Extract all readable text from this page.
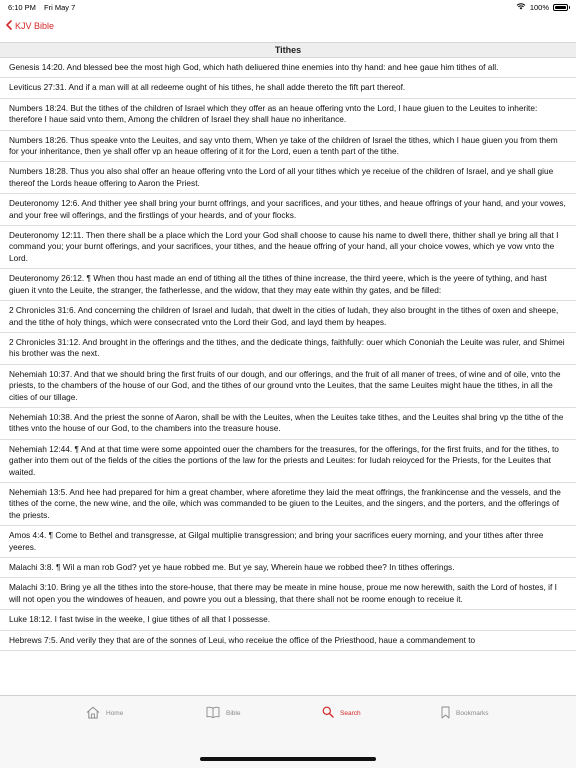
6:10 PM Fri May 7	100%
KJV Bible
Tithes
Genesis 14:20. And blessed bee the most high God, which hath deliuered thine enemies into thy hand: and hee gaue him tithes of all.
Leviticus 27:31. And if a man will at all redeeme ought of his tithes, he shall adde thereto the fift part thereof.
Numbers 18:24. But the tithes of the children of Israel which they offer as an heaue offering vnto the Lord, I haue giuen to the Leuites to inherite: therefore I haue said vnto them, Among the children of Israel they shall haue no inheritance.
Numbers 18:26. Thus speake vnto the Leuites, and say vnto them, When ye take of the children of Israel the tithes, which I haue giuen you from them for your inheritance, then ye shall offer vp an heaue offering of it for the Lord, euen a tenth part of the tithe.
Numbers 18:28. Thus you also shal offer an heaue offering vnto the Lord of all your tithes which ye receiue of the children of Israel, and ye shall giue thereof the Lords heaue offering to Aaron the Priest.
Deuteronomy 12:6. And thither yee shall bring your burnt offrings, and your sacrifices, and your tithes, and heaue offrings of your hand, and your vowes, and your free wil offerings, and the firstlings of your heards, and of your flocks.
Deuteronomy 12:11. Then there shall be a place which the Lord your God shall choose to cause his name to dwell there, thither shall ye bring all that I command you; your burnt offerings, and your sacrifices, your tithes, and the heaue offring of your hand, all your choice vowes, which ye vow vnto the Lord.
Deuteronomy 26:12. ¶ When thou hast made an end of tithing all the tithes of thine increase, the third yeere, which is the yeere of tything, and hast giuen it vnto the Leuite, the stranger, the fatherlesse, and the widow, that they may eate within thy gates, and be filled:
2 Chronicles 31:6. And concerning the children of Israel and Iudah, that dwelt in the cities of Iudah, they also brought in the tithes of oxen and sheepe, and the tithe of holy things, which were consecrated vnto the Lord their God, and layd them by heapes.
2 Chronicles 31:12. And brought in the offerings and the tithes, and the dedicate things, faithfully: ouer which Cononiah the Leuite was ruler, and Shimei his brother was the next.
Nehemiah 10:37. And that we should bring the first fruits of our dough, and our offerings, and the fruit of all maner of trees, of wine and of oile, vnto the priests, to the chambers of the house of our God, and the tithes of our ground vnto the Leuites, that the same Leuites might haue the tithes, in all the cities of our tillage.
Nehemiah 10:38. And the priest the sonne of Aaron, shall be with the Leuites, when the Leuites take tithes, and the Leuites shal bring vp the tithe of the tithes vnto the house of our God, to the chambers into the treasure house.
Nehemiah 12:44. ¶ And at that time were some appointed ouer the chambers for the treasures, for the offerings, for the first fruits, and for the tithes, to gather into them out of the fields of the cities the portions of the law for the priests and Leuites: for Iudah reioyced for the Priests, for the Leuites that waited.
Nehemiah 13:5. And hee had prepared for him a great chamber, where aforetime they laid the meat offrings, the frankincense and the vessels, and the tithes of the corne, the new wine, and the oile, which was commanded to be giuen to the Leuites, and the singers, and the porters, and the offerings of the priests.
Amos 4:4. ¶ Come to Bethel and transgresse, at Gilgal multiplie transgression; and bring your sacrifices euery morning, and your tithes after three yeeres.
Malachi 3:8. ¶ Wil a man rob God? yet ye haue robbed me. But ye say, Wherein haue we robbed thee? In tithes offerings.
Malachi 3:10. Bring ye all the tithes into the store-house, that there may be meate in mine house, proue me now herewith, saith the Lord of hostes, if I will not open you the windowes of heauen, and powre you out a blessing, that there shall not be roome enough to receiue it.
Luke 18:12. I fast twise in the weeke, I giue tithes of all that I possesse.
Hebrews 7:5. And verily they that are of the sonnes of Leui, who receiue the office of the Priesthood, haue a commandement to
Home	Bible	Search	Bookmarks
